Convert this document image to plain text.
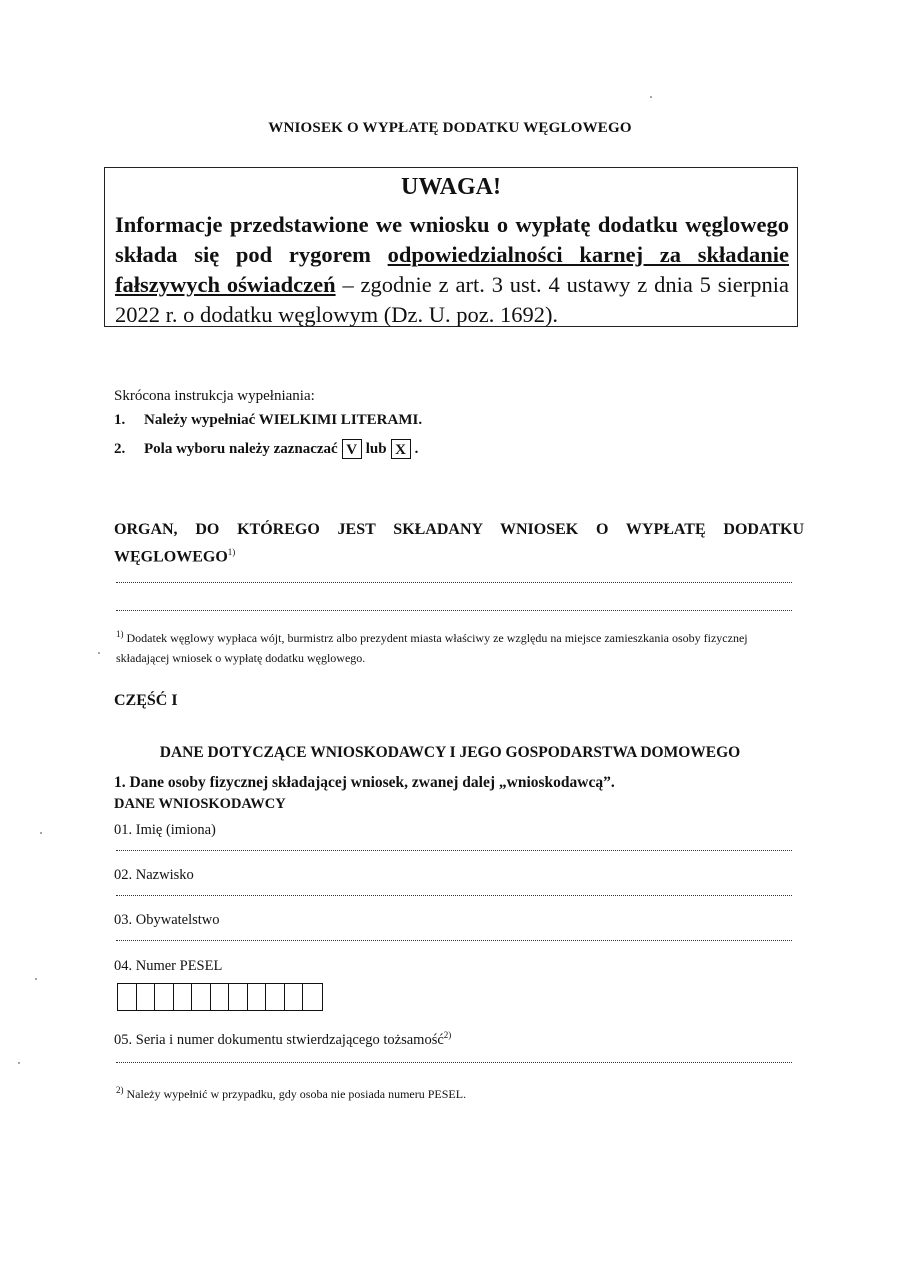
WNIOSEK O WYPŁATĘ DODATKU WĘGLOWEGO
UWAGA!
Informacje przedstawione we wniosku o wypłatę dodatku węglowego składa się pod rygorem odpowiedzialności karnej za składanie fałszywych oświadczeń – zgodnie z art. 3 ust. 4 ustawy z dnia 5 sierpnia 2022 r. o dodatku węglowym (Dz. U. poz. 1692).
Skrócona instrukcja wypełniania:
1.	Należy wypełniać WIELKIMI LITERAMI.
2.	Pola wyboru należy zaznaczać V lub X .
ORGAN, DO KTÓREGO JEST SKŁADANY WNIOSEK O WYPŁATĘ DODATKU WĘGLOWEGO$^{1)}$
$^{1)}$ Dodatek węglowy wypłaca wójt, burmistrz albo prezydent miasta właściwy ze względu na miejsce zamieszkania osoby fizycznej składającej wniosek o wypłatę dodatku węglowego.
CZĘŚĆ I
DANE DOTYCZĄCE WNIOSKODAWCY I JEGO GOSPODARSTWA DOMOWEGO
1. Dane osoby fizycznej składającej wniosek, zwanej dalej „wnioskodawcą”.
DANE WNIOSKODAWCY
01. Imię (imiona)
02. Nazwisko
03. Obywatelstwo
04. Numer PESEL
05. Seria i numer dokumentu stwierdzającego tożsamość$^{2)}$
$^{2)}$ Należy wypełnić w przypadku, gdy osoba nie posiada numeru PESEL.
